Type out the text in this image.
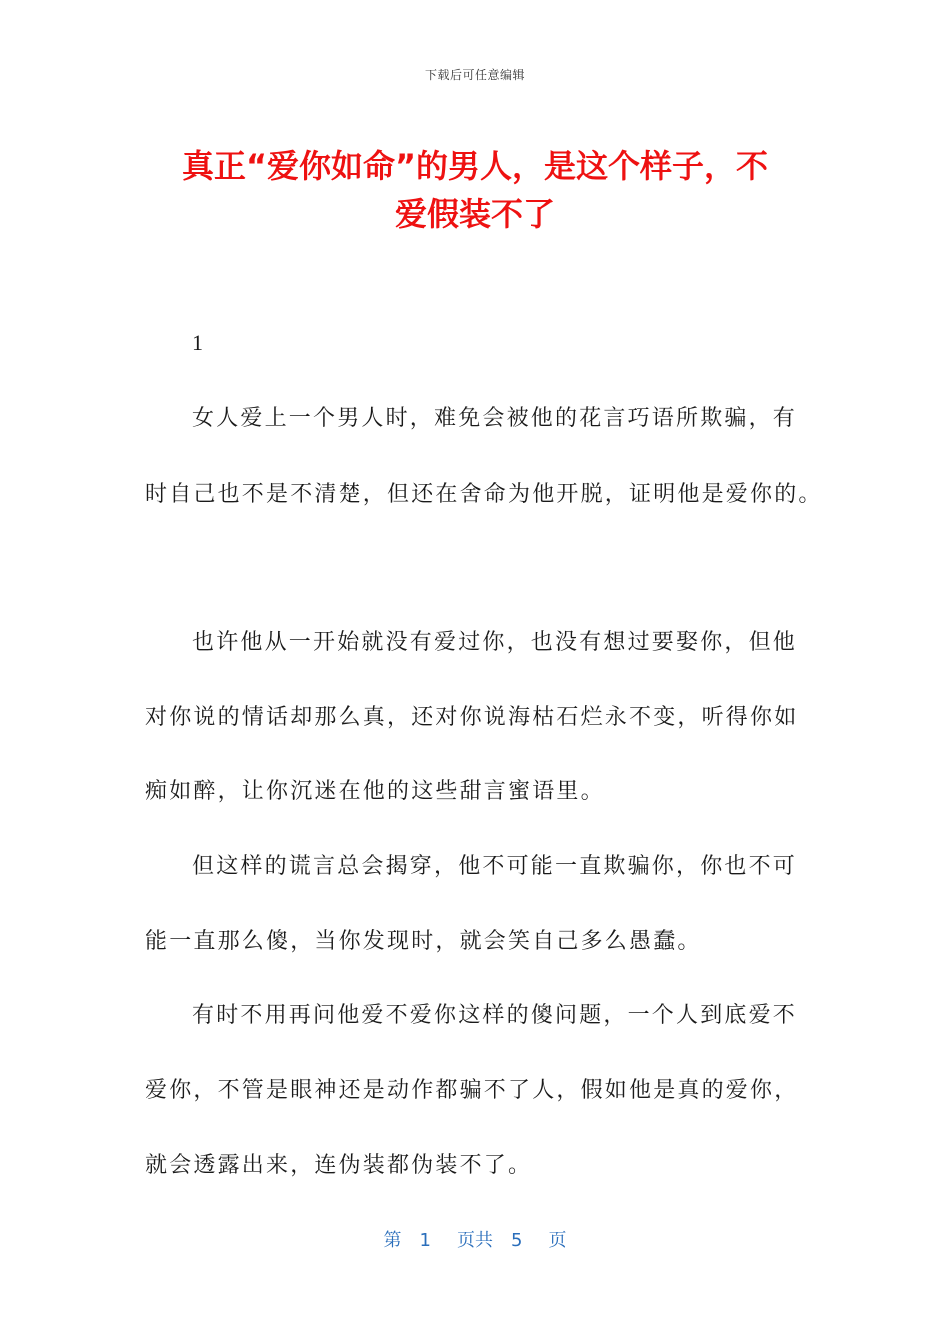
下载后可任意编辑
真正“爱你如命”的男人，是这个样子，不
爱假装不了
1
女人爱上一个男人时，难免会被他的花言巧语所欺骗，有
时自己也不是不清楚，但还在舍命为他开脱，证明他是爱你的。
也许他从一开始就没有爱过你，也没有想过要娶你，但他
对你说的情话却那么真，还对你说海枯石烂永不变，听得你如
痴如醉，让你沉迷在他的这些甜言蜜语里。
但这样的谎言总会揭穿，他不可能一直欺骗你，你也不可
能一直那么傻，当你发现时，就会笑自己多么愚蠢。
有时不用再问他爱不爱你这样的傻问题，一个人到底爱不
爱你，不管是眼神还是动作都骗不了人，假如他是真的爱你，
就会透露出来，连伪装都伪装不了。
第 1 页共 5 页
